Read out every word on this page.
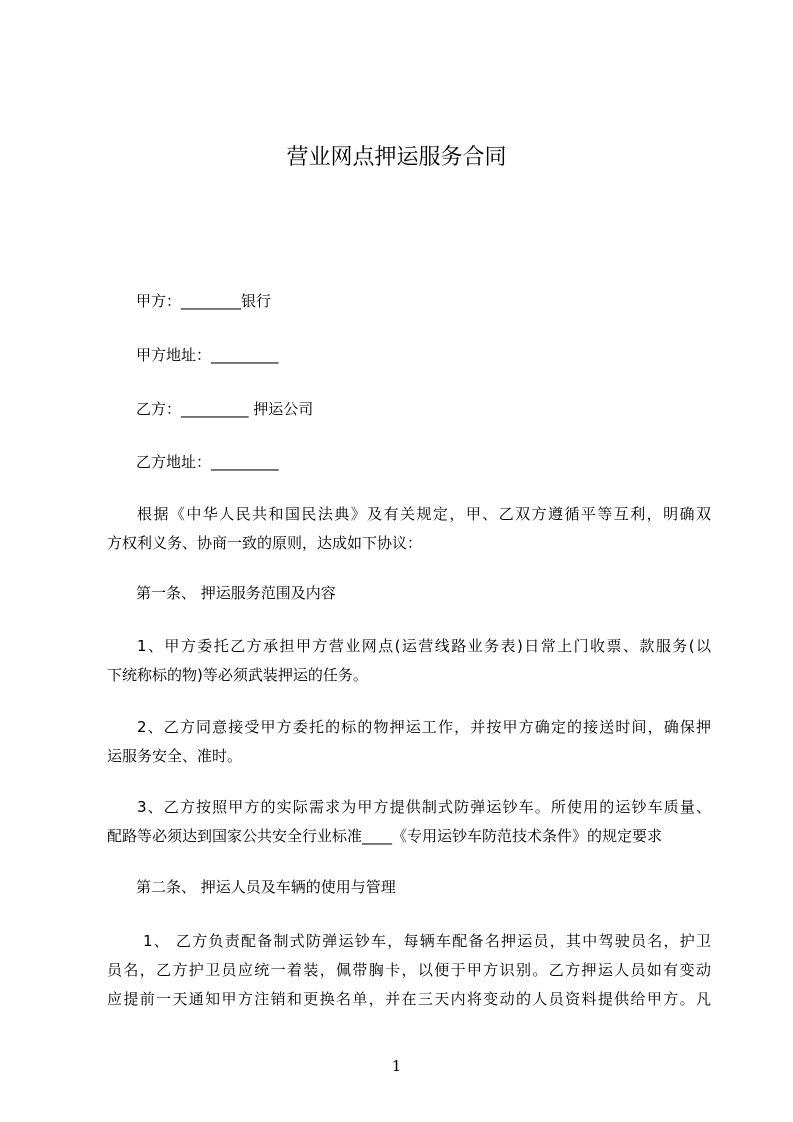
营业网点押运服务合同
甲方：________银行
甲方地址：_________
乙方：_________ 押运公司
乙方地址：_________
根据《中华人民共和国民法典》及有关规定，甲、乙双方遵循平等互利，明确双
方权利义务、协商一致的原则，达成如下协议：
第一条、 押运服务范围及内容
1、甲方委托乙方承担甲方营业网点(运营线路业务表)日常上门收票、款服务(以
下统称标的物)等必须武装押运的任务。
2、乙方同意接受甲方委托的标的物押运工作，并按甲方确定的接送时间，确保押
运服务安全、准时。
3、乙方按照甲方的实际需求为甲方提供制式防弹运钞车。所使用的运钞车质量、
配路等必须达到国家公共安全行业标准____《专用运钞车防范技术条件》的规定要求
第二条、 押运人员及车辆的使用与管理
1、 乙方负责配备制式防弹运钞车，每辆车配备名押运员，其中驾驶员名，护卫
员名，乙方护卫员应统一着装，佩带胸卡，以便于甲方识别。乙方押运人员如有变动
应提前一天通知甲方注销和更换名单，并在三天内将变动的人员资料提供给甲方。凡
1
